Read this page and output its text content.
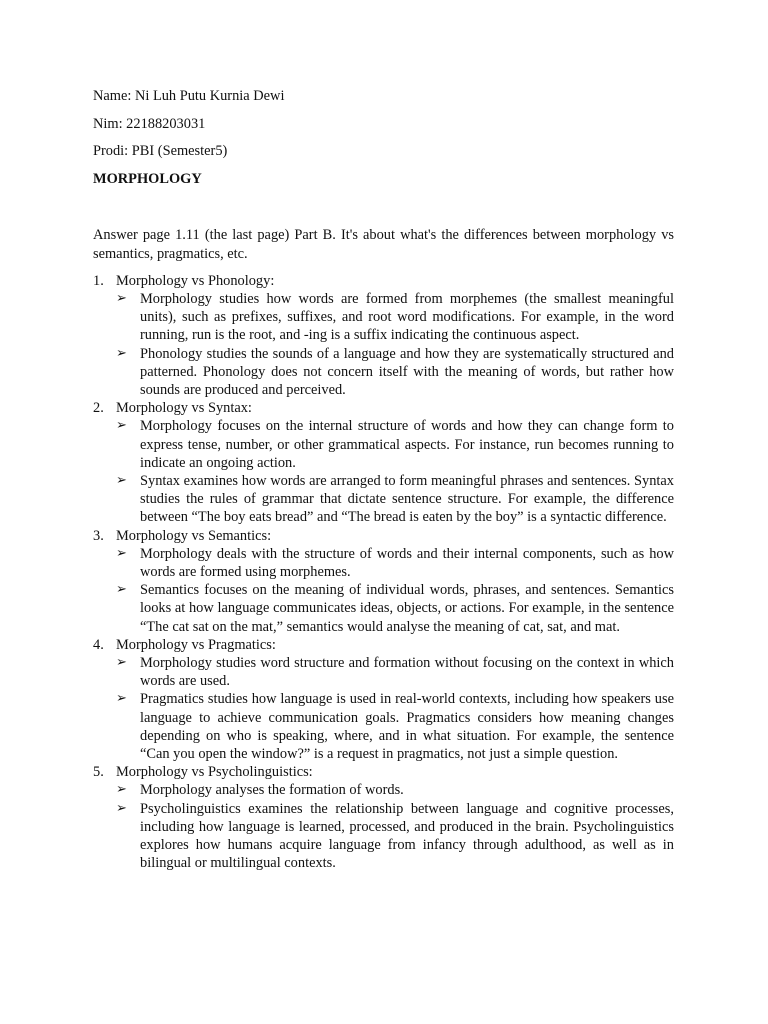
Name: Ni Luh Putu Kurnia Dewi
Nim: 22188203031
Prodi: PBI (Semester5)
MORPHOLOGY
Answer page 1.11 (the last page) Part B. It's about what's the differences between morphology vs semantics, pragmatics, etc.
1. Morphology vs Phonology:
➢ Morphology studies how words are formed from morphemes (the smallest meaningful units), such as prefixes, suffixes, and root word modifications. For example, in the word running, run is the root, and -ing is a suffix indicating the continuous aspect.
➢ Phonology studies the sounds of a language and how they are systematically structured and patterned. Phonology does not concern itself with the meaning of words, but rather how sounds are produced and perceived.
2. Morphology vs Syntax:
➢ Morphology focuses on the internal structure of words and how they can change form to express tense, number, or other grammatical aspects. For instance, run becomes running to indicate an ongoing action.
➢ Syntax examines how words are arranged to form meaningful phrases and sentences. Syntax studies the rules of grammar that dictate sentence structure. For example, the difference between “The boy eats bread” and “The bread is eaten by the boy” is a syntactic difference.
3. Morphology vs Semantics:
➢ Morphology deals with the structure of words and their internal components, such as how words are formed using morphemes.
➢ Semantics focuses on the meaning of individual words, phrases, and sentences. Semantics looks at how language communicates ideas, objects, or actions. For example, in the sentence “The cat sat on the mat,” semantics would analyse the meaning of cat, sat, and mat.
4. Morphology vs Pragmatics:
➢ Morphology studies word structure and formation without focusing on the context in which words are used.
➢ Pragmatics studies how language is used in real-world contexts, including how speakers use language to achieve communication goals. Pragmatics considers how meaning changes depending on who is speaking, where, and in what situation. For example, the sentence “Can you open the window?” is a request in pragmatics, not just a simple question.
5. Morphology vs Psycholinguistics:
➢ Morphology analyses the formation of words.
➢ Psycholinguistics examines the relationship between language and cognitive processes, including how language is learned, processed, and produced in the brain. Psycholinguistics explores how humans acquire language from infancy through adulthood, as well as in bilingual or multilingual contexts.
